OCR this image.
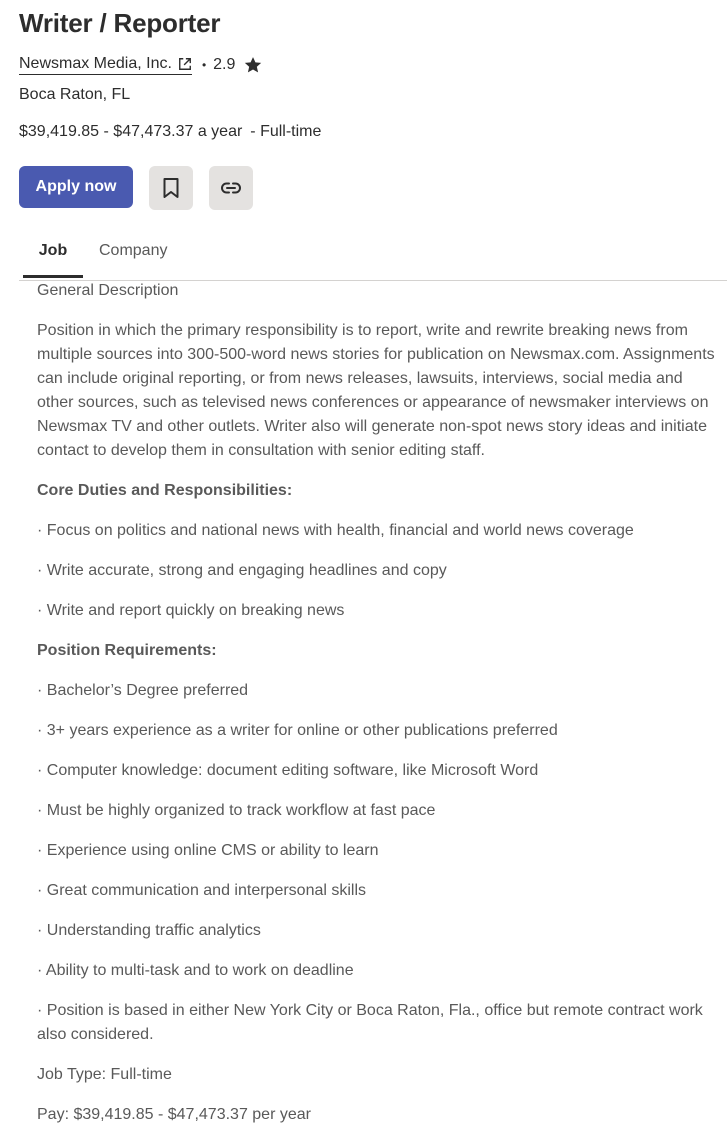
Writer / Reporter
Newsmax Media, Inc.	• 2.9
Boca Raton, FL
$39,419.85 - $47,473.37 a year - Full-time
Apply now
Job	Company

General Description

Position in which the primary responsibility is to report, write and rewrite breaking news from multiple sources into 300-500-word news stories for publication on Newsmax.com. Assignments can include original reporting, or from news releases, lawsuits, interviews, social media and other sources, such as televised news conferences or appearance of newsmaker interviews on Newsmax TV and other outlets. Writer also will generate non-spot news story ideas and initiate contact to develop them in consultation with senior editing staff.

Core Duties and Responsibilities:

· Focus on politics and national news with health, financial and world news coverage

· Write accurate, strong and engaging headlines and copy

· Write and report quickly on breaking news

Position Requirements:

· Bachelor’s Degree preferred

· 3+ years experience as a writer for online or other publications preferred

· Computer knowledge: document editing software, like Microsoft Word

· Must be highly organized to track workflow at fast pace

· Experience using online CMS or ability to learn

· Great communication and interpersonal skills

· Understanding traffic analytics

· Ability to multi-task and to work on deadline

· Position is based in either New York City or Boca Raton, Fla., office but remote contract work also considered.

Job Type: Full-time

Pay: $39,419.85 - $47,473.37 per year
